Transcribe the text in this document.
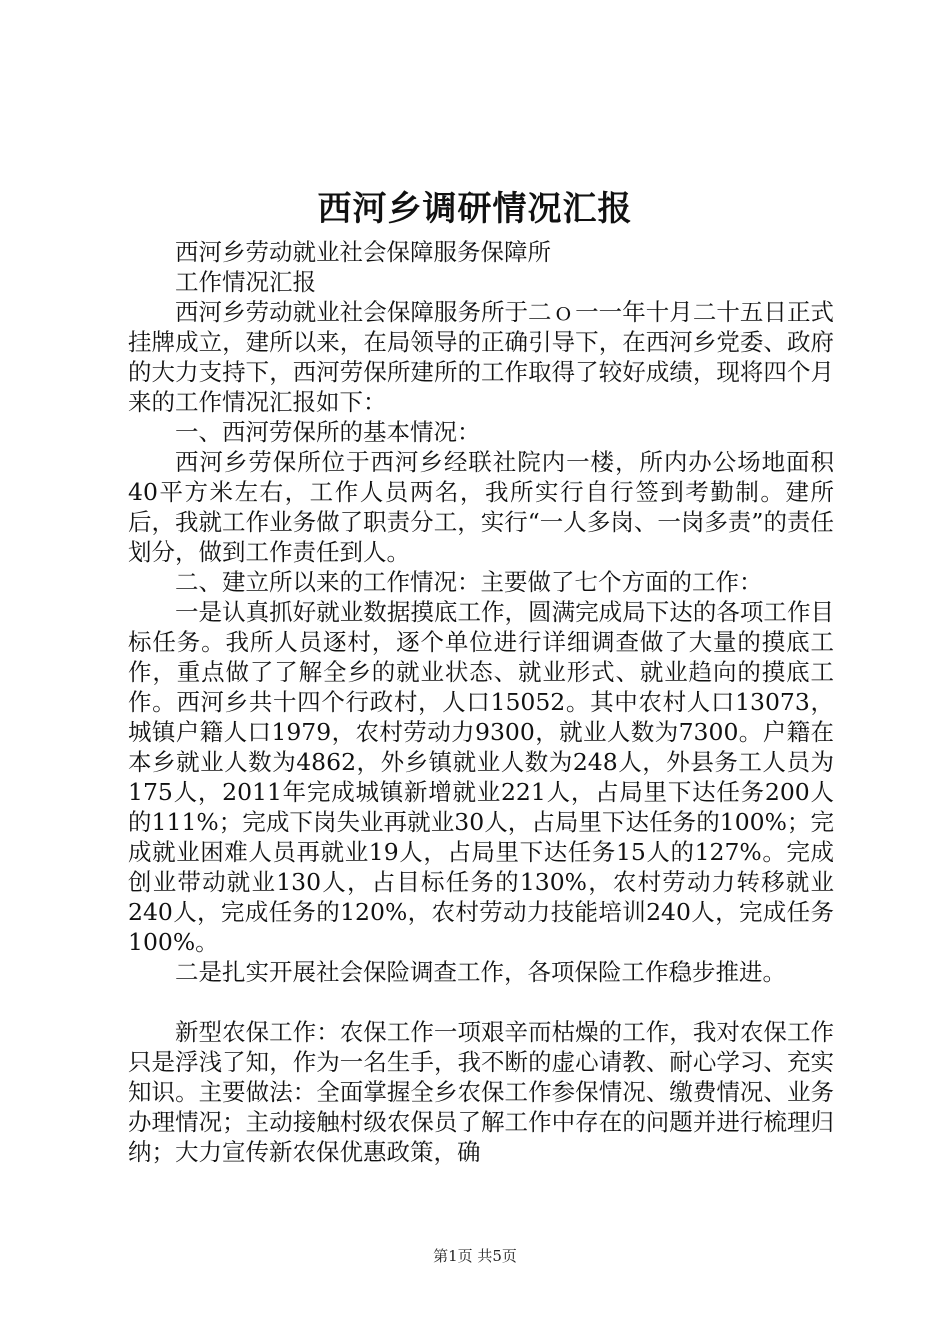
西河乡调研情况汇报

西河乡劳动就业社会保障服务保障所

工作情况汇报

西河乡劳动就业社会保障服务所于二ｏ一一年十月二十五日正式挂牌成立，建所以来，在局领导的正确引导下，在西河乡党委、政府的大力支持下，西河劳保所建所的工作取得了较好成绩，现将四个月来的工作情况汇报如下：

一、西河劳保所的基本情况：

西河乡劳保所位于西河乡经联社院内一楼，所内办公场地面积40平方米左右，工作人员两名，我所实行自行签到考勤制。建所后，我就工作业务做了职责分工，实行“一人多岗、一岗多责”的责任划分，做到工作责任到人。

二、建立所以来的工作情况：主要做了七个方面的工作：

一是认真抓好就业数据摸底工作，圆满完成局下达的各项工作目标任务。我所人员逐村，逐个单位进行详细调查做了大量的摸底工作，重点做了了解全乡的就业状态、就业形式、就业趋向的摸底工作。西河乡共十四个行政村，人口15052。其中农村人口13073，城镇户籍人口1979，农村劳动力9300，就业人数为7300。户籍在本乡就业人数为4862，外乡镇就业人数为248人，外县务工人员为175人，2011年完成城镇新增就业221人，占局里下达任务200人的111%；完成下岗失业再就业30人，占局里下达任务的100%；完成就业困难人员再就业19人，占局里下达任务15人的127%。完成创业带动就业130人，占目标任务的130%，农村劳动力转移就业240人，完成任务的120%，农村劳动力技能培训240人，完成任务100%。

二是扎实开展社会保险调查工作，各项保险工作稳步推进。

新型农保工作：农保工作一项艰辛而枯燥的工作，我对农保工作只是浮浅了知，作为一名生手，我不断的虚心请教、耐心学习、充实知识。主要做法：全面掌握全乡农保工作参保情况、缴费情况、业务办理情况；主动接触村级农保员了解工作中存在的问题并进行梳理归纳；大力宣传新农保优惠政策，确

第1页 共5页
